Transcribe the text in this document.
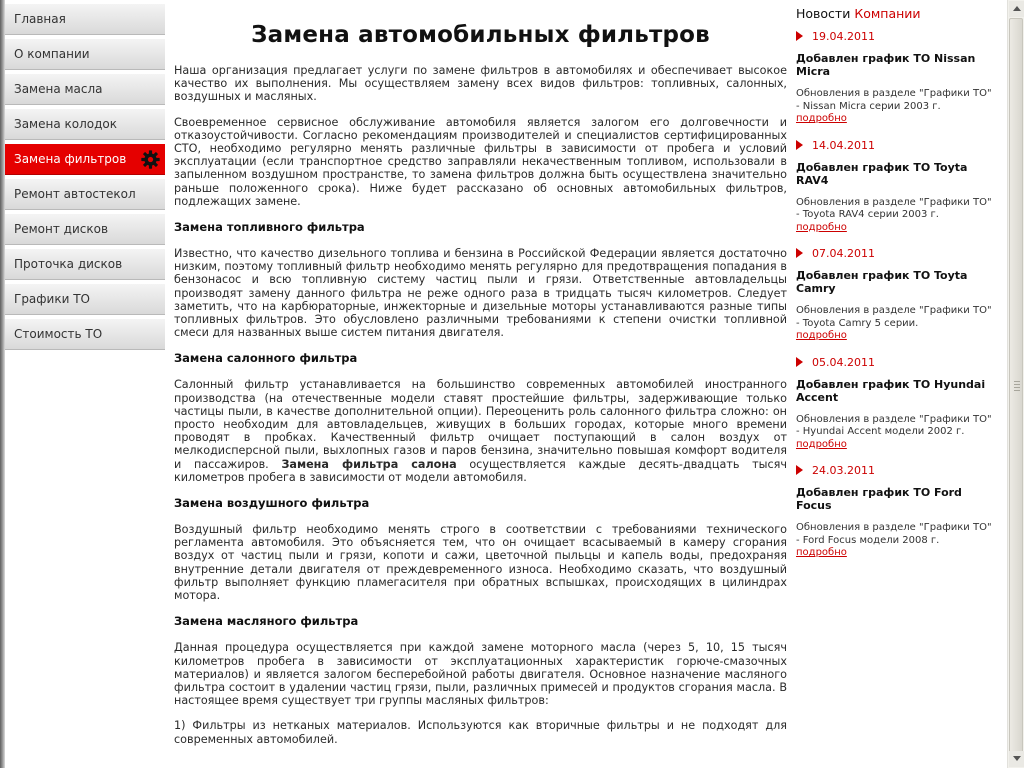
Главная
О компании
Замена масла
Замена колодок
Замена фильтров
Ремонт автостекол
Ремонт дисков
Проточка дисков
Графики ТО
Стоимость ТО
Замена автомобильных фильтров

Наша организация предлагает услуги по замене фильтров в автомобилях и обеспечивает высокое качество их выполнения. Мы осуществляем замену всех видов фильтров: топливных, салонных, воздушных и масляных.

Своевременное сервисное обслуживание автомобиля является залогом его долговечности и отказоустойчивости. Согласно рекомендациям производителей и специалистов сертифицированных СТО, необходимо регулярно менять различные фильтры в зависимости от пробега и условий эксплуатации (если транспортное средство заправляли некачественным топливом, использовали в запыленном воздушном пространстве, то замена фильтров должна быть осуществлена значительно раньше положенного срока). Ниже будет рассказано об основных автомобильных фильтров, подлежащих замене.

Замена топливного фильтра

Известно, что качество дизельного топлива и бензина в Российской Федерации является достаточно низким, поэтому топливный фильтр необходимо менять регулярно для предотвращения попадания в бензонасос и всю топливную систему частиц пыли и грязи. Ответственные автовладельцы производят замену данного фильтра не реже одного раза в тридцать тысяч километров. Следует заметить, что на карбюраторные, инжекторные и дизельные моторы устанавливаются разные типы топливных фильтров. Это обусловлено различными требованиями к степени очистки топливной смеси для названных выше систем питания двигателя.

Замена салонного фильтра

Салонный фильтр устанавливается на большинство современных автомобилей иностранного производства (на отечественные модели ставят простейшие фильтры, задерживающие только частицы пыли, в качестве дополнительной опции). Переоценить роль салонного фильтра сложно: он просто необходим для автовладельцев, живущих в больших городах, которые много времени проводят в пробках. Качественный фильтр очищает поступающий в салон воздух от мелкодисперсной пыли, выхлопных газов и паров бензина, значительно повышая комфорт водителя и пассажиров. Замена фильтра салона осуществляется каждые десять-двадцать тысяч километров пробега в зависимости от модели автомобиля.

Замена воздушного фильтра

Воздушный фильтр необходимо менять строго в соответствии с требованиями технического регламента автомобиля. Это объясняется тем, что он очищает всасываемый в камеру сгорания воздух от частиц пыли и грязи, копоти и сажи, цветочной пыльцы и капель воды, предохраняя внутренние детали двигателя от преждевременного износа. Необходимо сказать, что воздушный фильтр выполняет функцию пламегасителя при обратных вспышках, происходящих в цилиндрах мотора.

Замена масляного фильтра

Данная процедура осуществляется при каждой замене моторного масла (через 5, 10, 15 тысяч километров пробега в зависимости от эксплуатационных характеристик горюче-смазочных материалов) и является залогом бесперебойной работы двигателя. Основное назначение масляного фильтра состоит в удалении частиц грязи, пыли, различных примесей и продуктов сгорания масла. В настоящее время существует три группы масляных фильтров:

1) Фильтры из нетканых материалов. Используются как вторичные фильтры и не подходят для современных автомобилей.

Новости Компании
19.04.2011
Добавлен график ТО Nissan Micra
Обновления в разделе "Графики ТО" - Nissan Micra серии 2003 г.
подробно
14.04.2011
Добавлен график ТО Toyta RAV4
Обновления в разделе "Графики ТО" - Toyota RAV4 серии 2003 г.
подробно
07.04.2011
Добавлен график ТО Toyta Camry
Обновления в разделе "Графики ТО" - Toyota Camry 5 серии.
подробно
05.04.2011
Добавлен график ТО Hyundai Accent
Обновления в разделе "Графики ТО" - Hyundai Accent модели 2002 г.
подробно
24.03.2011
Добавлен график ТО Ford Focus
Обновления в разделе "Графики ТО" - Ford Focus модели 2008 г.
подробно
